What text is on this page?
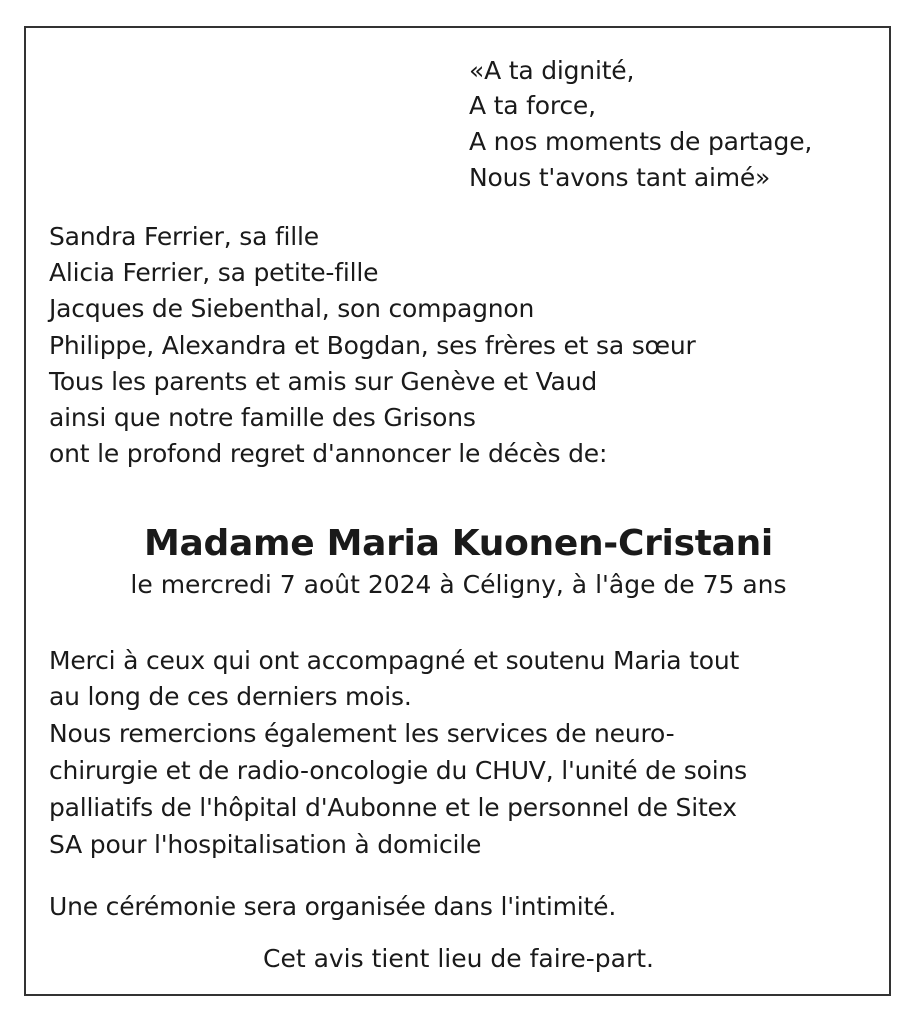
«A ta dignité,
A ta force,
A nos moments de partage,
Nous t'avons tant aimé»
Sandra Ferrier, sa fille
Alicia Ferrier, sa petite-fille
Jacques de Siebenthal, son compagnon
Philippe, Alexandra et Bogdan, ses frères et sa sœur
Tous les parents et amis sur Genève et Vaud
ainsi que notre famille des Grisons
ont le profond regret d'annoncer le décès de:
Madame Maria Kuonen-Cristani
le mercredi 7 août 2024 à Céligny, à l'âge de 75 ans
Merci à ceux qui ont accompagné et soutenu Maria tout
au long de ces derniers mois.
Nous remercions également les services de neuro-
chirurgie et de radio-oncologie du CHUV, l'unité de soins
palliatifs de l'hôpital d'Aubonne et le personnel de Sitex
SA pour l'hospitalisation à domicile
Une cérémonie sera organisée dans l'intimité.
Cet avis tient lieu de faire-part.
